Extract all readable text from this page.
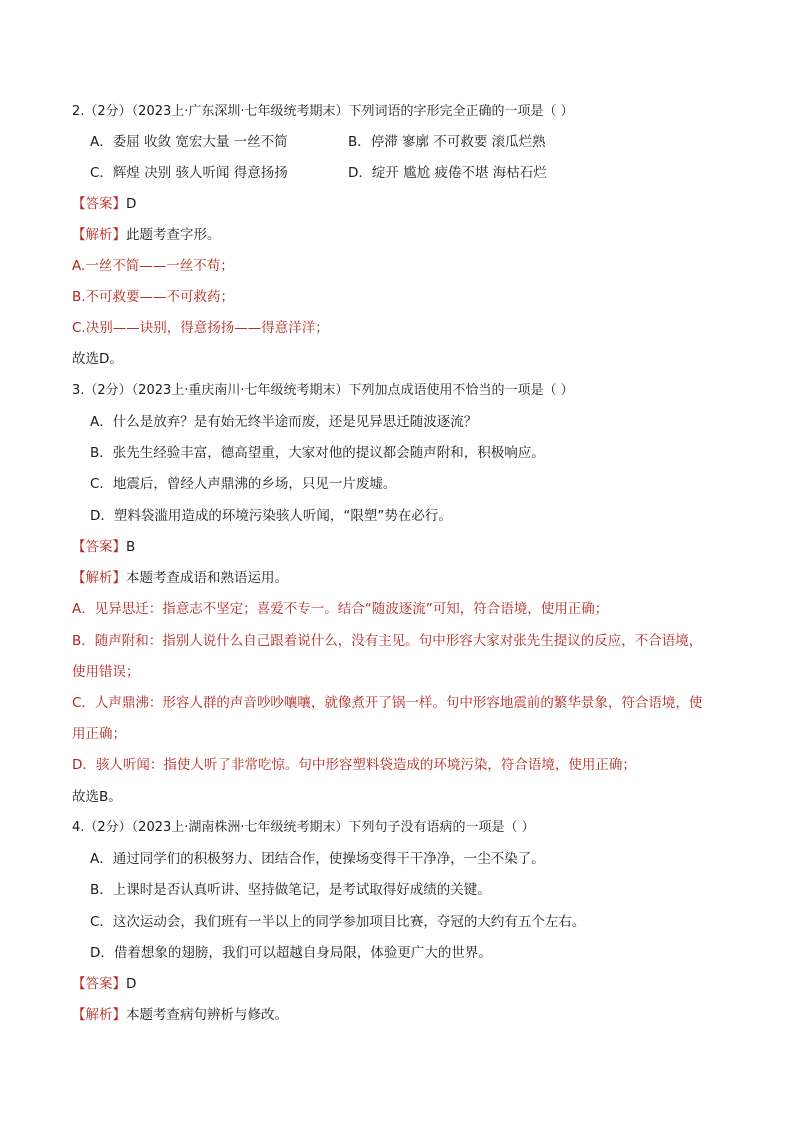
2.（2分）（2023上·广东深圳·七年级统考期末）下列词语的字形完全正确的一项是（ ）
A．委屈 收敛 宽宏大量 一丝不简	B．停滞 寥廓 不可救要 滚瓜烂熟
C．辉煌 决别 骇人听闻 得意扬扬	D．绽开 尴尬 疲倦不堪 海枯石烂
【答案】D
【解析】此题考查字形。
A.一丝不简——一丝不苟；
B.不可救要——不可救药；
C.决别——诀别，得意扬扬——得意洋洋；
故选D。
3.（2分）（2023上·重庆南川·七年级统考期末）下列加点成语使用不恰当的一项是（ ）
A．什么是放弃？是有始无终半途而废，还是见异思迁随波逐流？
B．张先生经验丰富，德高望重，大家对他的提议都会随声附和，积极响应。
C．地震后，曾经人声鼎沸的乡场，只见一片废墟。
D．塑料袋滥用造成的环境污染骇人听闻，“限塑”势在必行。
【答案】B
【解析】本题考查成语和熟语运用。
A．见异思迁：指意志不坚定；喜爱不专一。结合“随波逐流”可知，符合语境，使用正确；
B．随声附和：指别人说什么自己跟着说什么，没有主见。句中形容大家对张先生提议的反应，不合语境，
使用错误；
C．人声鼎沸：形容人群的声音吵吵嚷嚷，就像煮开了锅一样。句中形容地震前的繁华景象，符合语境，使
用正确；
D．骇人听闻：指使人听了非常吃惊。句中形容塑料袋造成的环境污染，符合语境，使用正确；
故选B。
4.（2分）（2023上·湖南株洲·七年级统考期末）下列句子没有语病的一项是（ ）
A．通过同学们的积极努力、团结合作，使操场变得干干净净，一尘不染了。
B．上课时是否认真听讲、坚持做笔记，是考试取得好成绩的关键。
C．这次运动会，我们班有一半以上的同学参加项目比赛，夺冠的大约有五个左右。
D．借着想象的翅膀，我们可以超越自身局限，体验更广大的世界。
【答案】D
【解析】本题考查病句辨析与修改。
